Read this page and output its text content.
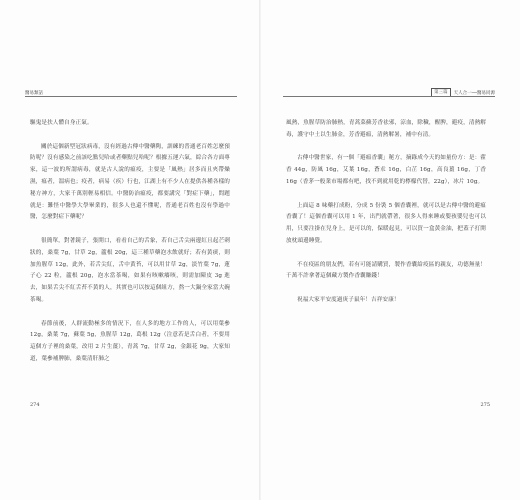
醫易類話

驅鬼是扶人體自身正氣。

關於這個新型冠狀病毒，沒有經過古傳中醫藥陶，訓練的普通老百姓怎麼預防呢？沒有感染之前該吃點兒哈或者藥點兒哈呢？根據五運六氣，綜合各方面專家，這一波的所謂病毒，就是古人說的瘟疫，主要是「風熱」居多而且夾帶燥濕，瘟者，溫病也；疫者，病易（疾）行也，江湖上有不少人在提供各種各樣的秘方神方，大家千萬別輕易相信。中醫防治瘟疫，都要講究「對症下藥」，問題就是：難怪中醫學大學畢業的，很多人也還不懂呢，普通老百姓也沒有學過中醫，怎麼對症下藥呢？

很簡單，對著鏡子，張開口，看看自己的舌象，若自己舌尖兩邊紅且起芒刺狀的，桑葉 7g，甘草 2g，蘆根 20g，這三種草藥泡水飲就好；若有黃痰，則加魚腥草 12g，此外，若舌尖紅，舌中黃苔，可以用甘草 2g，淡竹葉 7g，蓮子心 22 粒，蘆根 20g，泡水當茶喝，如果有咳嗽癢咳，則需加陳皮 3g 進去，如果舌尖不紅舌苔不黃的人，其實也可以按這個組方，熬一大鍋全家當大碗茶喝。

春節前後，人群流動極多的情況下，在人多的地方工作的人，可以用葉參 12g，桑葉 7g，蘇葉 5g，魚腥草 12g，葛根 12g（注意若是舌白者，不要用這個方子裡的桑葉，改用 2 片生薑），青蒿 7g，甘草 2g，金銀花 9g，大家知道，葉參補脾肺，桑葉清肝肺之

274
第三篇	天人合一──醫易同源

風熱，魚腥草防治肺熱，青蒿菜蘇芳香祛邪，涼血，除穢，醒脾，避疫，清熱解毒，護守中土以生肺金，芳香避瘟，清熱解暑，補中有清。

古傳中醫世家，有一個「避瘟香囊」秘方，摘錄成今天的如量份方：是：藿香 44g，防風 16g，艾葉 16g，蒼朮 16g，白芷 16g，高良薑 16g，丁香 16g（香茅一般業市場都有吧，找不到就用乾的檸檬代替，22g），冰片 10g。

上面這 8 味藥打成粉，分成 5 份裝 5 個香囊裡，就可以是古傳中醫的避瘟香囊了！這個香囊可以用 1 年，出門就帶著，很多人得來睡或嬰孩嬰兒也可以用，只要注掛在兒身上，是可以的，保暖起見，可以買一盒黃金油，把蓋子打開放枕頭邊睡覺。

不在疫區的朋友們，若有可能請購買，製作香囊給疫區的親友，功德無量！千萬不許拿著這個藏方製作香囊賺錢！

祝福大家平安度過庚子鼠年！吉祥安康！

275
